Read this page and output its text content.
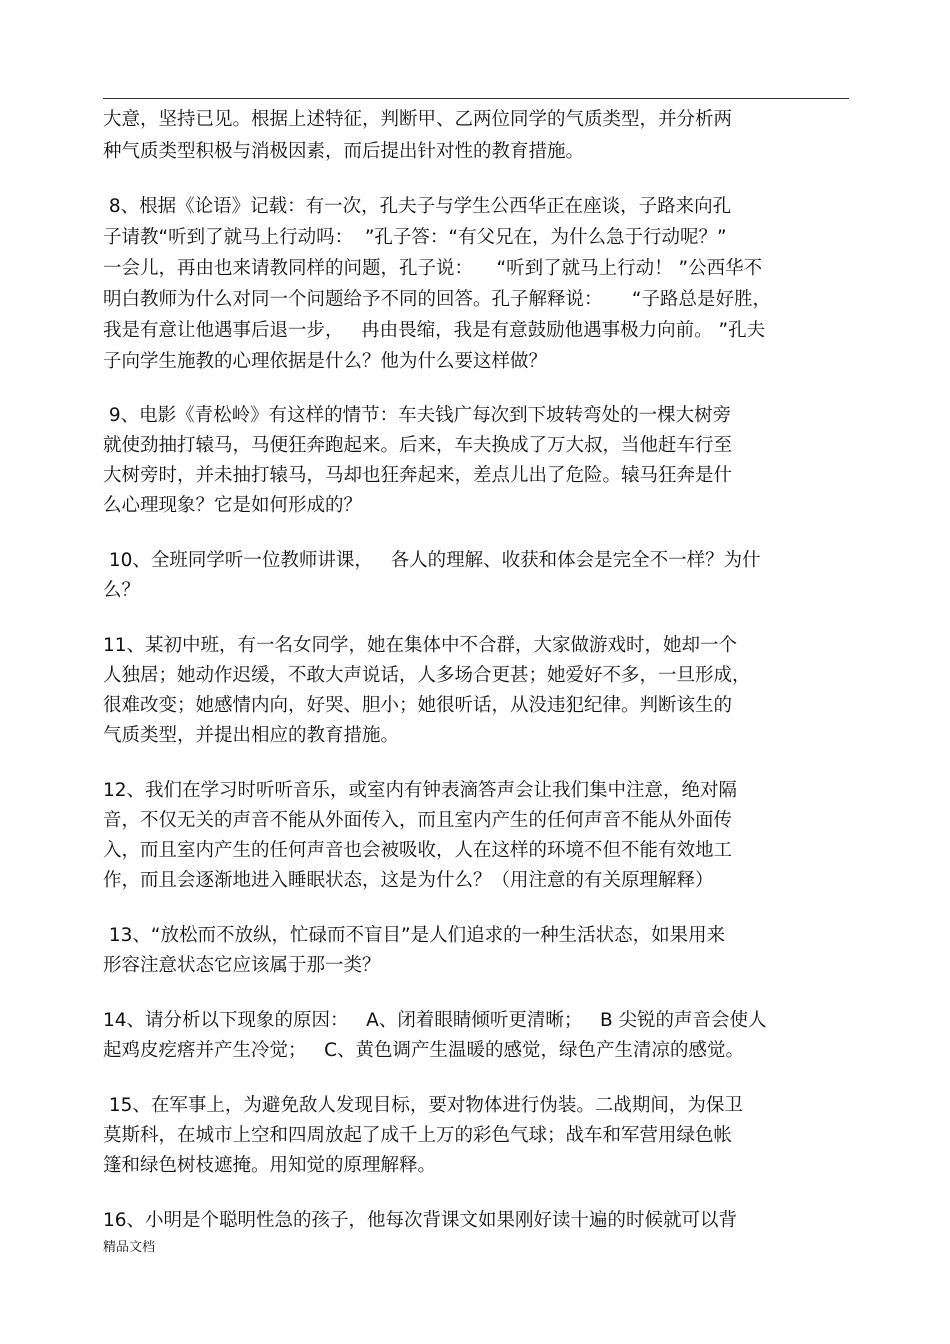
大意，坚持已见。根据上述特征，判断甲、乙两位同学的气质类型，并分析两
种气质类型积极与消极因素，而后提出针对性的教育措施。
8、根据《论语》记载：有一次，孔夫子与学生公西华正在座谈，子路来向孔
子请教“听到了就马上行动吗：  ”孔子答：“有父兄在，为什么急于行动呢？”
一会儿，再由也来请教同样的问题，孔子说：    “听到了就马上行动！ ”公西华不
明白教师为什么对同一个问题给予不同的回答。孔子解释说：     “子路总是好胜，
我是有意让他遇事后退一步，   冉由畏缩，我是有意鼓励他遇事极力向前。 ”孔夫
子向学生施教的心理依据是什么？他为什么要这样做？
9、电影《青松岭》有这样的情节：车夫钱广每次到下坡转弯处的一棵大树旁
就使劲抽打辕马，马便狂奔跑起来。后来，车夫换成了万大叔，当他赶车行至
大树旁时，并未抽打辕马，马却也狂奔起来，差点儿出了危险。辕马狂奔是什
么心理现象？它是如何形成的？
10、全班同学听一位教师讲课，   各人的理解、收获和体会是完全不一样？为什
么？
11、某初中班，有一名女同学，她在集体中不合群，大家做游戏时，她却一个
人独居；她动作迟缓，不敢大声说话，人多场合更甚；她爱好不多，一旦形成，
很难改变；她感情内向，好哭、胆小；她很听话，从没违犯纪律。判断该生的
气质类型，并提出相应的教育措施。
12、我们在学习时听听音乐，或室内有钟表滴答声会让我们集中注意，绝对隔
音，不仅无关的声音不能从外面传入，而且室内产生的任何声音不能从外面传
入，而且室内产生的任何声音也会被吸收，人在这样的环境不但不能有效地工
作，而且会逐渐地进入睡眠状态，这是为什么？（用注意的有关原理解释）
13、“放松而不放纵，忙碌而不盲目”是人们追求的一种生活状态，如果用来
形容注意状态它应该属于那一类？
14、请分析以下现象的原因：   A、闭着眼睛倾听更清晰；   B 尖锐的声音会使人
起鸡皮疙瘩并产生冷觉；   C、黄色调产生温暖的感觉，绿色产生清凉的感觉。
15、在军事上，为避免敌人发现目标，要对物体进行伪装。二战期间，为保卫
莫斯科，在城市上空和四周放起了成千上万的彩色气球；战车和军营用绿色帐
篷和绿色树枝遮掩。用知觉的原理解释。
16、小明是个聪明性急的孩子，他每次背课文如果刚好读十遍的时候就可以背
精品文档
